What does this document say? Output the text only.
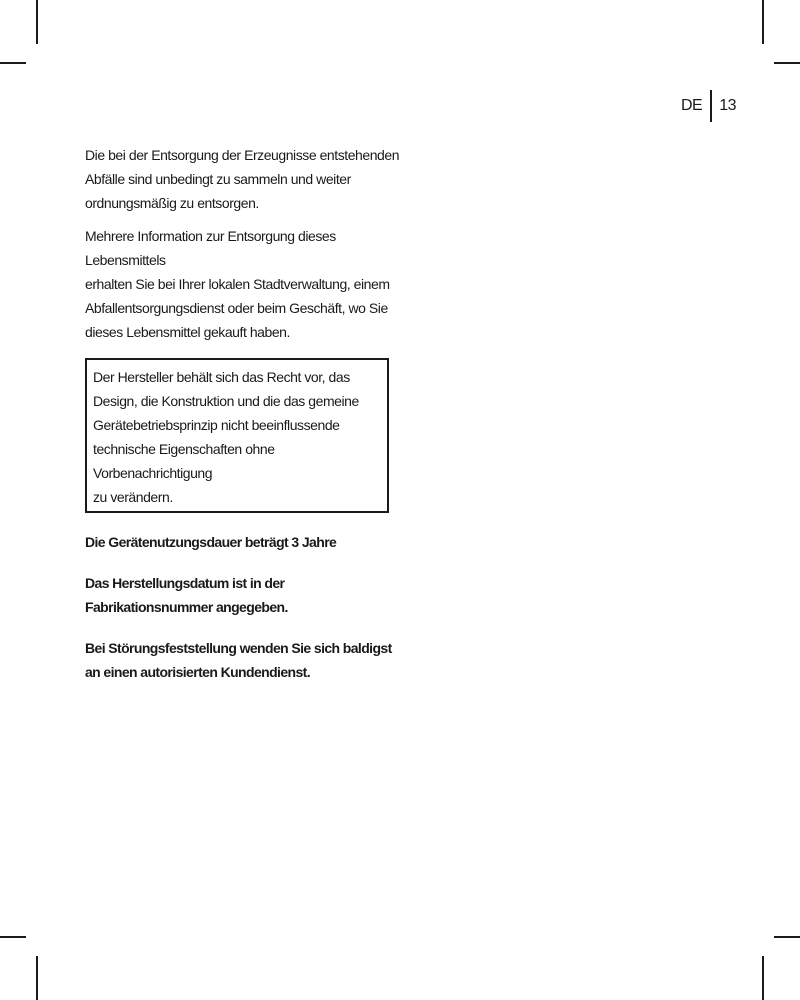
DE 13

Die bei der Entsorgung der Erzeugnisse entstehenden
Abfälle sind unbedingt zu sammeln und weiter
ordnungsmäßig zu entsorgen.

Mehrere Information zur Entsorgung dieses Lebensmittels
erhalten Sie bei Ihrer lokalen Stadtverwaltung, einem
Abfallentsorgungsdienst oder beim Geschäft, wo Sie
dieses Lebensmittel gekauft haben.

Der Hersteller behält sich das Recht vor, das
Design, die Konstruktion und die das gemeine
Gerätebetriebsprinzip nicht beeinflussende
technische Eigenschaften ohne Vorbenachrichtigung
zu verändern.

Die Gerätenutzungsdauer beträgt 3 Jahre

Das Herstellungsdatum ist in der
Fabrikationsnummer angegeben.

Bei Störungsfeststellung wenden Sie sich baldigst
an einen autorisierten Kundendienst.
